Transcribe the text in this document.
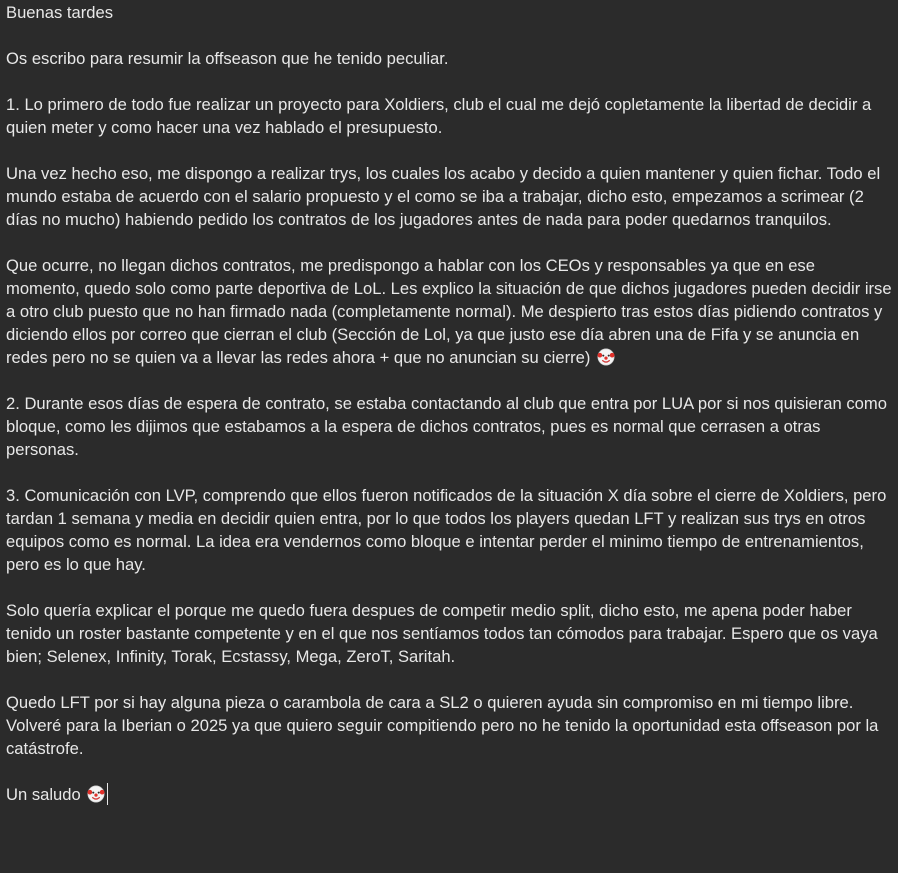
Buenas tardes

Os escribo para resumir la offseason que he tenido peculiar.

1. Lo primero de todo fue realizar un proyecto para Xoldiers, club el cual me dejó copletamente la libertad de decidir a quien meter y como hacer una vez hablado el presupuesto.

Una vez hecho eso, me dispongo a realizar trys, los cuales los acabo y decido a quien mantener y quien fichar. Todo el mundo estaba de acuerdo con el salario propuesto y el como se iba a trabajar, dicho esto, empezamos a scrimear (2 días no mucho) habiendo pedido los contratos de los jugadores antes de nada para poder quedarnos tranquilos.

Que ocurre, no llegan dichos contratos, me predispongo a hablar con los CEOs y responsables ya que en ese momento, quedo solo como parte deportiva de LoL. Les explico la situación de que dichos jugadores pueden decidir irse a otro club puesto que no han firmado nada (completamente normal). Me despierto tras estos días pidiendo contratos y diciendo ellos por correo que cierran el club (Sección de Lol, ya que justo ese día abren una de Fifa y se anuncia en redes pero no se quien va a llevar las redes ahora + que no anuncian su cierre)

2. Durante esos días de espera de contrato, se estaba contactando al club que entra por LUA por si nos quisieran como bloque, como les dijimos que estabamos a la espera de dichos contratos, pues es normal que cerrasen a otras personas.

3. Comunicación con LVP, comprendo que ellos fueron notificados de la situación X día sobre el cierre de Xoldiers, pero tardan 1 semana y media en decidir quien entra, por lo que todos los players quedan LFT y realizan sus trys en otros equipos como es normal. La idea era vendernos como bloque e intentar perder el minimo tiempo de entrenamientos, pero es lo que hay.

Solo quería explicar el porque me quedo fuera despues de competir medio split, dicho esto, me apena poder haber tenido un roster bastante competente y en el que nos sentíamos todos tan cómodos para trabajar. Espero que os vaya bien; Selenex, Infinity, Torak, Ecstassy, Mega, ZeroT, Saritah.

Quedo LFT por si hay alguna pieza o carambola de cara a SL2 o quieren ayuda sin compromiso en mi tiempo libre. Volveré para la Iberian o 2025 ya que quiero seguir compitiendo pero no he tenido la oportunidad esta offseason por la catástrofe.

Un saludo
